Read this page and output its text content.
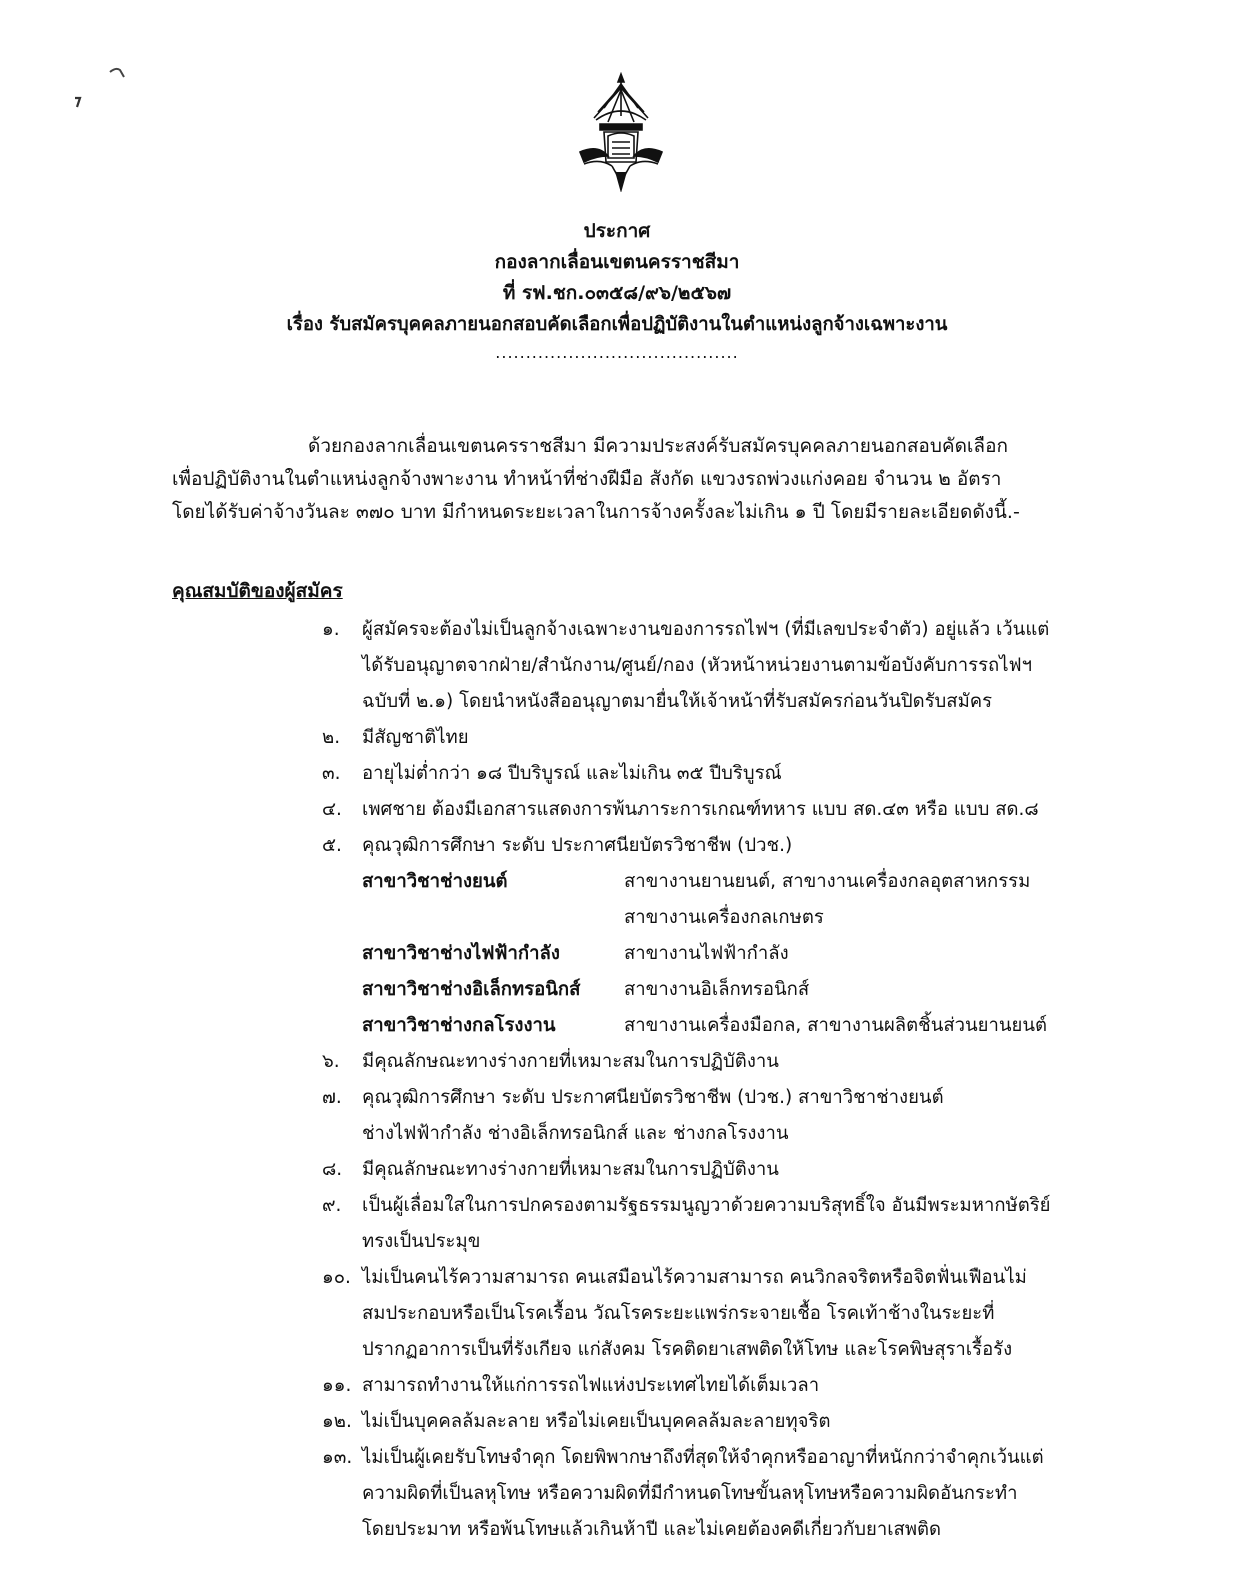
ประกาศ
กองลากเลื่อนเขตนครราชสีมา
ที่ รฟ.ชก.๐๓๕๘/๙๖/๒๕๖๗
เรื่อง รับสมัครบุคคลภายนอกสอบคัดเลือกเพื่อปฏิบัติงานในตำแหน่งลูกจ้างเฉพาะงาน
........................................

ด้วยกองลากเลื่อนเขตนครราชสีมา มีความประสงค์รับสมัครบุคคลภายนอกสอบคัดเลือก

เพื่อปฏิบัติงานในตำแหน่งลูกจ้างพาะงาน ทำหน้าที่ช่างฝีมือ สังกัด แขวงรถพ่วงแก่งคอย จำนวน ๒ อัตรา

โดยได้รับค่าจ้างวันละ ๓๗๐ บาท มีกำหนดระยะเวลาในการจ้างครั้งละไม่เกิน ๑ ปี โดยมีรายละเอียดดังนี้.-

คุณสมบัติของผู้สมัคร
๑.	ผู้สมัครจะต้องไม่เป็นลูกจ้างเฉพาะงานของการรถไฟฯ (ที่มีเลขประจำตัว) อยู่แล้ว เว้นแต่
ได้รับอนุญาตจากฝ่าย/สำนักงาน/ศูนย์/กอง (หัวหน้าหน่วยงานตามข้อบังคับการรถไฟฯ
ฉบับที่ ๒.๑) โดยนำหนังสืออนุญาตมายื่นให้เจ้าหน้าที่รับสมัครก่อนวันปิดรับสมัคร
๒.	มีสัญชาติไทย
๓.	อายุไม่ต่ำกว่า ๑๘ ปีบริบูรณ์ และไม่เกิน ๓๕ ปีบริบูรณ์
๔.	เพศชาย ต้องมีเอกสารแสดงการพ้นภาระการเกณฑ์ทหาร แบบ สด.๔๓ หรือ แบบ สด.๘
๕.	คุณวุฒิการศึกษา ระดับ ประกาศนียบัตรวิชาชีพ (ปวช.)
สาขาวิชาช่างยนต์	สาขางานยานยนต์, สาขางานเครื่องกลอุตสาหกรรม
สาขางานเครื่องกลเกษตร
สาขาวิชาช่างไฟฟ้ากำลัง	สาขางานไฟฟ้ากำลัง
สาขาวิชาช่างอิเล็กทรอนิกส์	สาขางานอิเล็กทรอนิกส์
สาขาวิชาช่างกลโรงงาน	สาขางานเครื่องมือกล, สาขางานผลิตชิ้นส่วนยานยนต์
๖.	มีคุณลักษณะทางร่างกายที่เหมาะสมในการปฏิบัติงาน
๗.	คุณวุฒิการศึกษา ระดับ ประกาศนียบัตรวิชาชีพ (ปวช.) สาขาวิชาช่างยนต์
ช่างไฟฟ้ากำลัง ช่างอิเล็กทรอนิกส์ และ ช่างกลโรงงาน
๘.	มีคุณลักษณะทางร่างกายที่เหมาะสมในการปฏิบัติงาน
๙.	เป็นผู้เลื่อมใสในการปกครองตามรัฐธรรมนูญวาด้วยความบริสุทธิ์ใจ อันมีพระมหากษัตริย์
ทรงเป็นประมุข
๑๐. ไม่เป็นคนไร้ความสามารถ คนเสมือนไร้ความสามารถ คนวิกลจริตหรือจิตฟั่นเฟือนไม่
สมประกอบหรือเป็นโรคเรื้อน วัณโรคระยะแพร่กระจายเชื้อ โรคเท้าช้างในระยะที่
ปรากฏอาการเป็นที่รังเกียจ แก่สังคม โรคติดยาเสพติดให้โทษ และโรคพิษสุราเรื้อรัง
๑๑. สามารถทำงานให้แก่การรถไฟแห่งประเทศไทยได้เต็มเวลา
๑๒. ไม่เป็นบุคคลล้มละลาย หรือไม่เคยเป็นบุคคลล้มละลายทุจริต
๑๓. ไม่เป็นผู้เคยรับโทษจำคุก โดยพิพากษาถึงที่สุดให้จำคุกหรืออาญาที่หนักกว่าจำคุกเว้นแต่
ความผิดที่เป็นลหุโทษ หรือความผิดที่มีกำหนดโทษขั้นลหุโทษหรือความผิดอันกระทำ
โดยประมาท หรือพ้นโทษแล้วเกินห้าปี และไม่เคยต้องคดีเกี่ยวกับยาเสพติด
